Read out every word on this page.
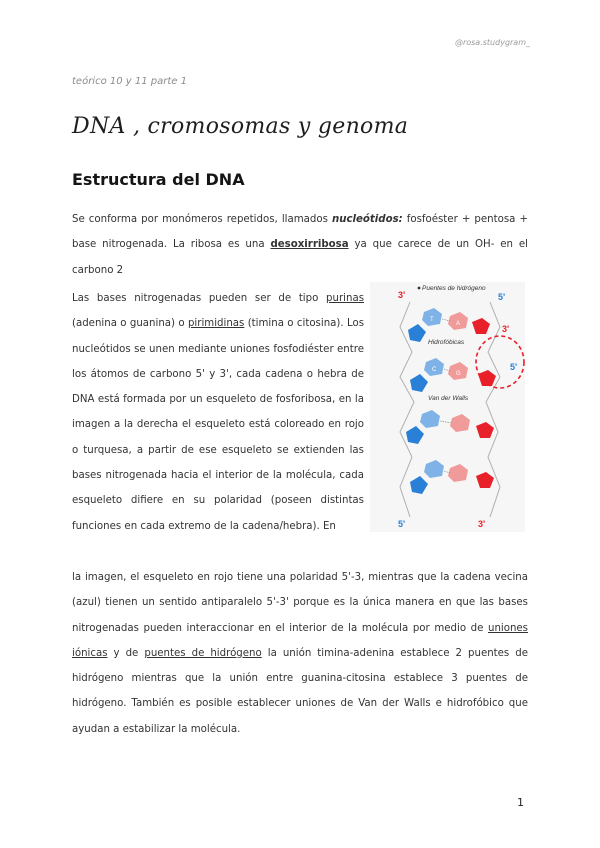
@rosa.studygram_
teórico 10 y 11 parte 1
DNA , cromosomas y genoma
Estructura del DNA
Se conforma por monómeros repetidos, llamados nucleótidos: fosfoéster + pentosa + base nitrogenada. La ribosa es una desoxirribosa ya que carece de un OH- en el carbono 2
Las bases nitrogenadas pueden ser de tipo purinas (adenina o guanina) o pirimidinas (timina o citosina). Los nucleótidos se unen mediante uniones fosfodiéster entre los átomos de carbono 5' y 3', cada cadena o hebra de DNA está formada por un esqueleto de fosforibosa, en la imagen a la derecha el esqueleto está coloreado en rojo o turquesa, a partir de ese esqueleto se extienden las bases nitrogenada hacia el interior de la molécula, cada esqueleto difiere en su polaridad (poseen distintas funciones en cada extremo de la cadena/hebra). En
Puentes de hidrógeno
Hidrofóbicas
Van der Walls
3'	5'
3'
5'
5'	3'
T
A
C
G
la imagen, el esqueleto en rojo tiene una polaridad 5'-3, mientras que la cadena vecina (azul) tienen un sentido antiparalelo 5'-3' porque es la única manera en que las bases nitrogenadas pueden interaccionar en el interior de la molécula por medio de uniones iónicas y de puentes de hidrógeno la unión timina-adenina establece 2 puentes de hidrógeno mientras que la unión entre guanina-citosina establece 3 puentes de hidrógeno. También es posible establecer uniones de Van der Walls e hidrofóbico que ayudan a estabilizar la molécula.
1
